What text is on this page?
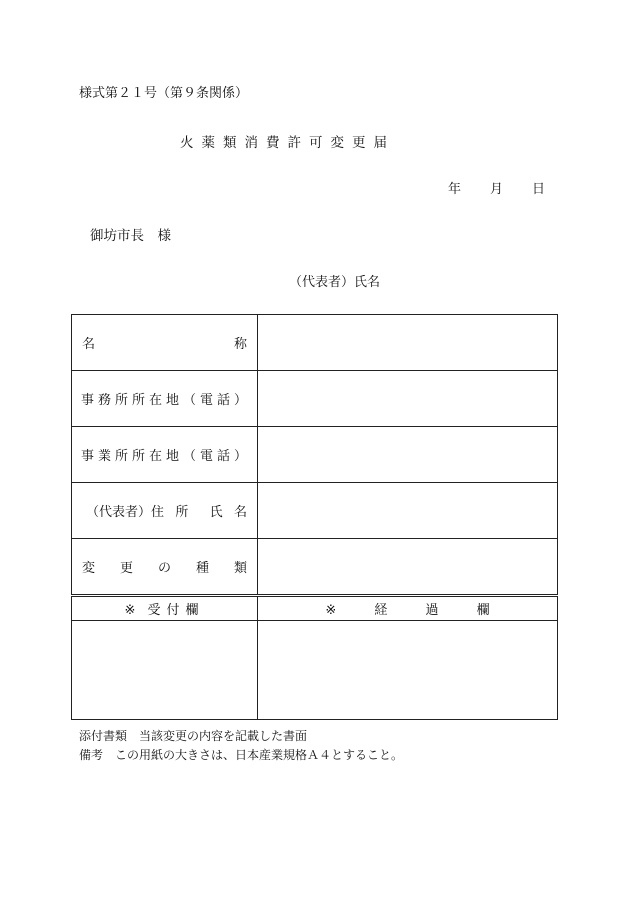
様式第２１号（第９条関係）
火薬類消費許可変更届
年 月 日
御坊市長　様
（代表者）氏名
名 称	

事務所所在地（電話）	

事業所所在地（電話）	

（代表者）住 所 氏 名	

変 更 の 種 類	

※ 受付欄	※ 経 過 欄

添付書類　当該変更の内容を記載した書面
備考　この用紙の大きさは、日本産業規格Ａ４とすること。
